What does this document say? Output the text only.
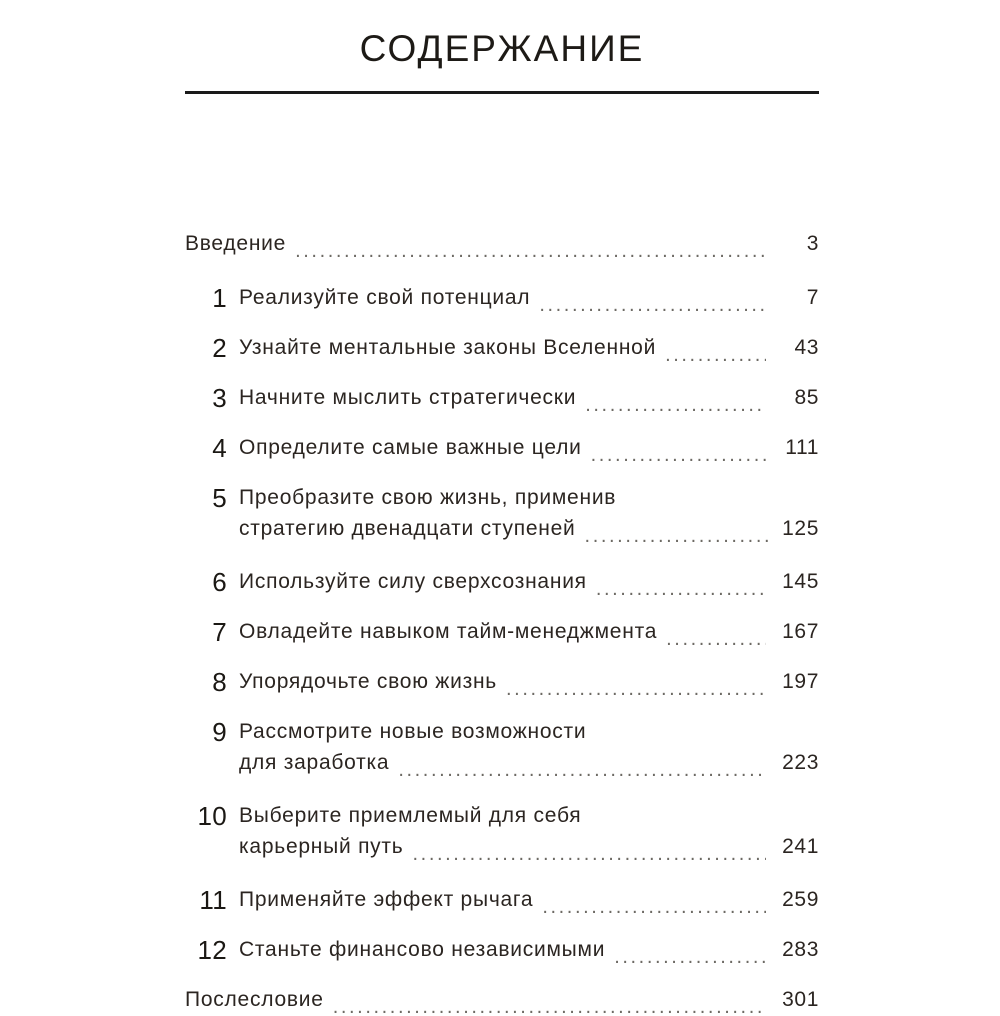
СОДЕРЖАНИЕ
Введение .....	3
1 Реализуйте свой потенциал .....	7
2 Узнайте ментальные законы Вселенной .....	43
3 Начните мыслить стратегически .....	85
4 Определите самые важные цели .....	111
5 Преобразите свою жизнь, применив
стратегию двенадцати ступеней .....	125
6 Используйте силу сверхсознания .....	145
7 Овладейте навыком тайм-менеджмента .....	167
8 Упорядочьте свою жизнь .....	197
9 Рассмотрите новые возможности
для заработка .....	223
10 Выберите приемлемый для себя
карьерный путь .....	241
11 Применяйте эффект рычага .....	259
12 Станьте финансово независимыми .....	283
Послесловие .....	301
